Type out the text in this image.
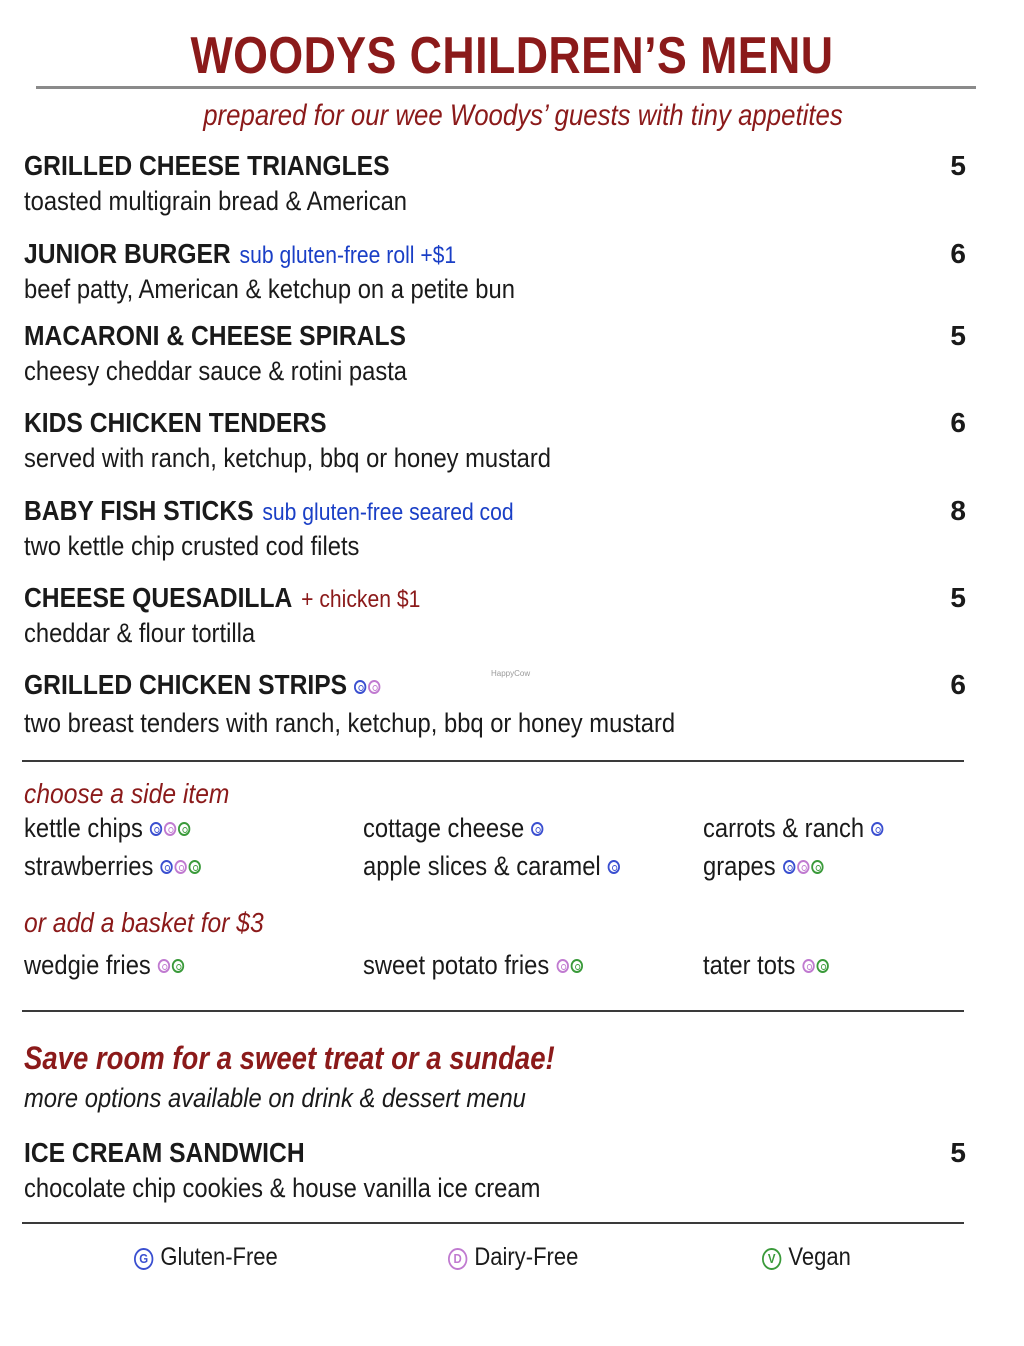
WOODYS CHILDREN’S MENU
prepared for our wee Woodys’ guests with tiny appetites
GRILLED CHEESE TRIANGLES
toasted multigrain bread & American
5
JUNIOR BURGER sub gluten-free roll +$1
beef patty, American & ketchup on a petite bun
6
MACARONI & CHEESE SPIRALS
cheesy cheddar sauce & rotini pasta
5
KIDS CHICKEN TENDERS
served with ranch, ketchup, bbq or honey mustard
6
BABY FISH STICKS sub gluten-free seared cod
two kettle chip crusted cod filets
8
CHEESE QUESADILLA + chicken $1
cheddar & flour tortilla
5
GRILLED CHICKEN STRIPS
two breast tenders with ranch, ketchup, bbq or honey mustard
6
HappyCow
choose a side item
kettle chips	cottage cheese	carrots & ranch
strawberries	apple slices & caramel	grapes
or add a basket for $3
wedgie fries	sweet potato fries	tater tots
Save room for a sweet treat or a sundae!
more options available on drink & dessert menu
ICE CREAM SANDWICH
chocolate chip cookies & house vanilla ice cream
5
G Gluten-Free	D Dairy-Free	V Vegan
